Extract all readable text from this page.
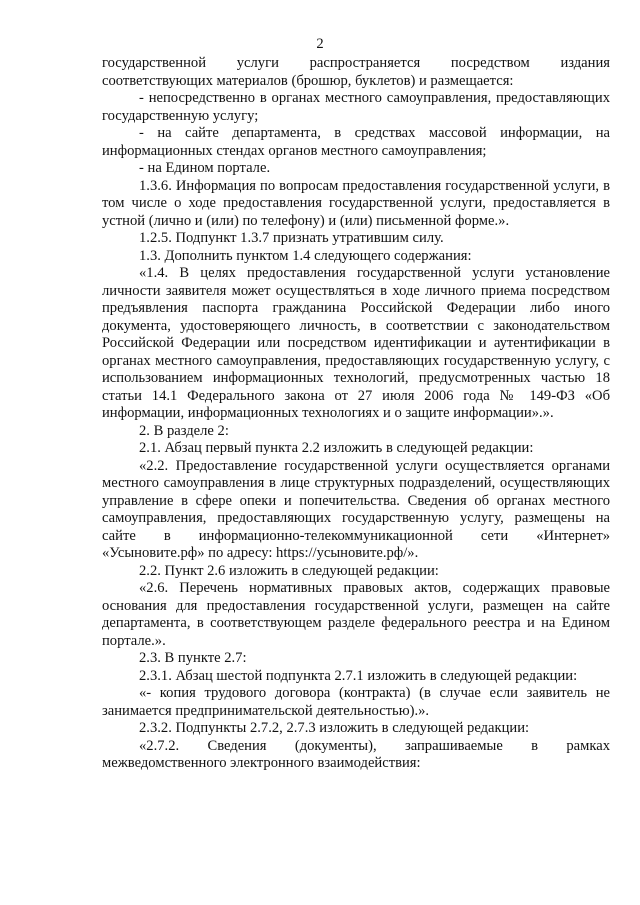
2

государственной услуги распространяется посредством издания соответствующих материалов (брошюр, буклетов) и размещается:

- непосредственно в органах местного самоуправления, предоставляющих государственную услугу;

- на сайте департамента, в средствах массовой информации, на информационных стендах органов местного самоуправления;

- на Едином портале.

1.3.6. Информация по вопросам предоставления государственной услуги, в том числе о ходе предоставления государственной услуги, предоставляется в устной (лично и (или) по телефону) и (или) письменной форме.».

1.2.5. Подпункт 1.3.7 признать утратившим силу.

1.3. Дополнить пунктом 1.4 следующего содержания:

«1.4. В целях предоставления государственной услуги установление личности заявителя может осуществляться в ходе личного приема посредством предъявления паспорта гражданина Российской Федерации либо иного документа, удостоверяющего личность, в соответствии с законодательством Российской Федерации или посредством идентификации и аутентификации в органах местного самоуправления, предоставляющих государственную услугу, с использованием информационных технологий, предусмотренных частью 18 статьи 14.1 Федерального закона от 27 июля 2006 года № 149-ФЗ «Об информации, информационных технологиях и о защите информации».».

2. В разделе 2:

2.1. Абзац первый пункта 2.2 изложить в следующей редакции:

«2.2. Предоставление государственной услуги осуществляется органами местного самоуправления в лице структурных подразделений, осуществляющих управление в сфере опеки и попечительства. Сведения об органах местного самоуправления, предоставляющих государственную услугу, размещены на сайте в информационно-телекоммуникационной сети «Интернет» «Усыновите.рф» по адресу: https://усыновите.рф/».

2.2. Пункт 2.6 изложить в следующей редакции:

«2.6. Перечень нормативных правовых актов, содержащих правовые основания для предоставления государственной услуги, размещен на сайте департамента, в соответствующем разделе федерального реестра и на Едином портале.».

2.3. В пункте 2.7:

2.3.1. Абзац шестой подпункта 2.7.1 изложить в следующей редакции:

«- копия трудового договора (контракта) (в случае если заявитель не занимается предпринимательской деятельностью).».

2.3.2. Подпункты 2.7.2, 2.7.3 изложить в следующей редакции:

«2.7.2. Сведения (документы), запрашиваемые в рамках межведомственного электронного взаимодействия:
